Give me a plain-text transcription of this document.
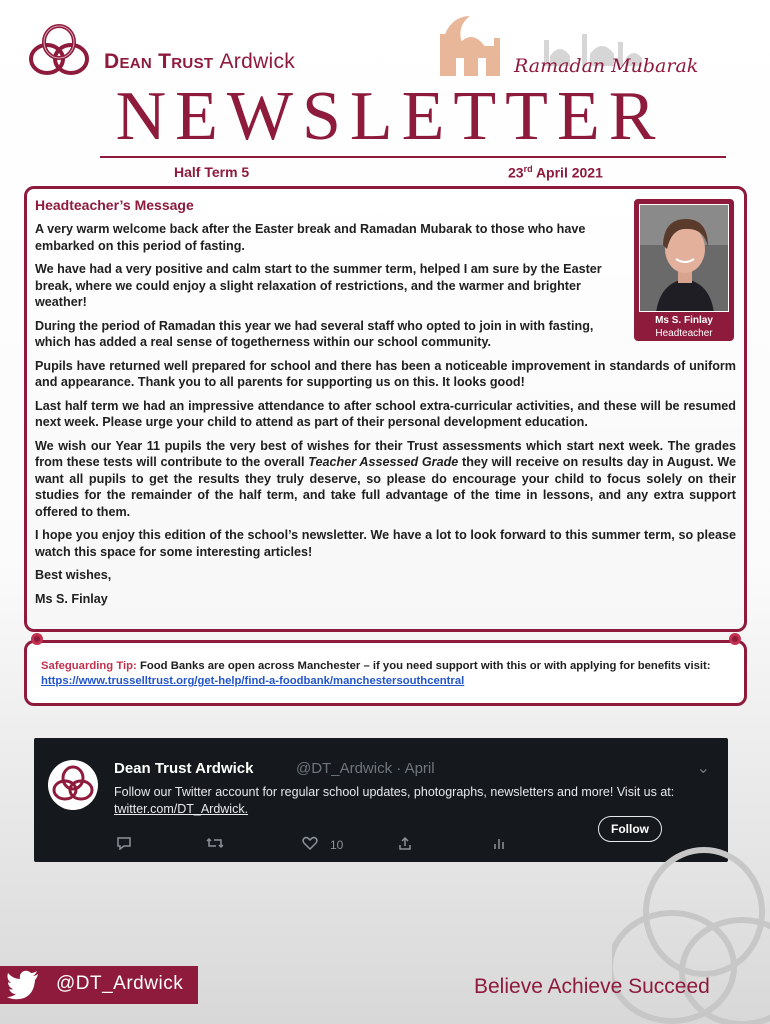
Dean Trust Ardwick	Ramadan Mubarak
NEWSLETTER
Half Term 5	23rd April 2021
Headteacher’s Message

A very warm welcome back after the Easter break and Ramadan Mubarak to those who have embarked on this period of fasting.

We have had a very positive and calm start to the summer term, helped I am sure by the Easter break, where we could enjoy a slight relaxation of restrictions, and the warmer and brighter weather!

During the period of Ramadan this year we had several staff who opted to join in with fasting, which has added a real sense of togetherness within our school community.

Pupils have returned well prepared for school and there has been a noticeable improvement in standards of uniform and appearance. Thank you to all parents for supporting us on this. It looks good!

Last half term we had an impressive attendance to after school extra-curricular activities, and these will be resumed next week. Please urge your child to attend as part of their personal development education.

We wish our Year 11 pupils the very best of wishes for their Trust assessments which start next week. The grades from these tests will contribute to the overall Teacher Assessed Grade they will receive on results day in August. We want all pupils to get the results they truly deserve, so please do encourage your child to focus solely on their studies for the remainder of the half term, and take full advantage of the time in lessons, and any extra support offered to them.

I hope you enjoy this edition of the school’s newsletter. We have a lot to look forward to this summer term, so please watch this space for some interesting articles!

Best wishes,

Ms S. Finlay

Ms S. Finlay
Headteacher

Safeguarding Tip: Food Banks are open across Manchester – if you need support with this or with applying for benefits visit: https://www.trusselltrust.org/get-help/find-a-foodbank/manchestersouthcentral

Dean Trust Ardwick	@DT_Ardwick · April	⌄
Follow our Twitter account for regular school updates, photographs, newsletters and more! Visit us at: twitter.com/DT_Ardwick.
Follow
10
@DT_Ardwick	Believe Achieve Succeed
